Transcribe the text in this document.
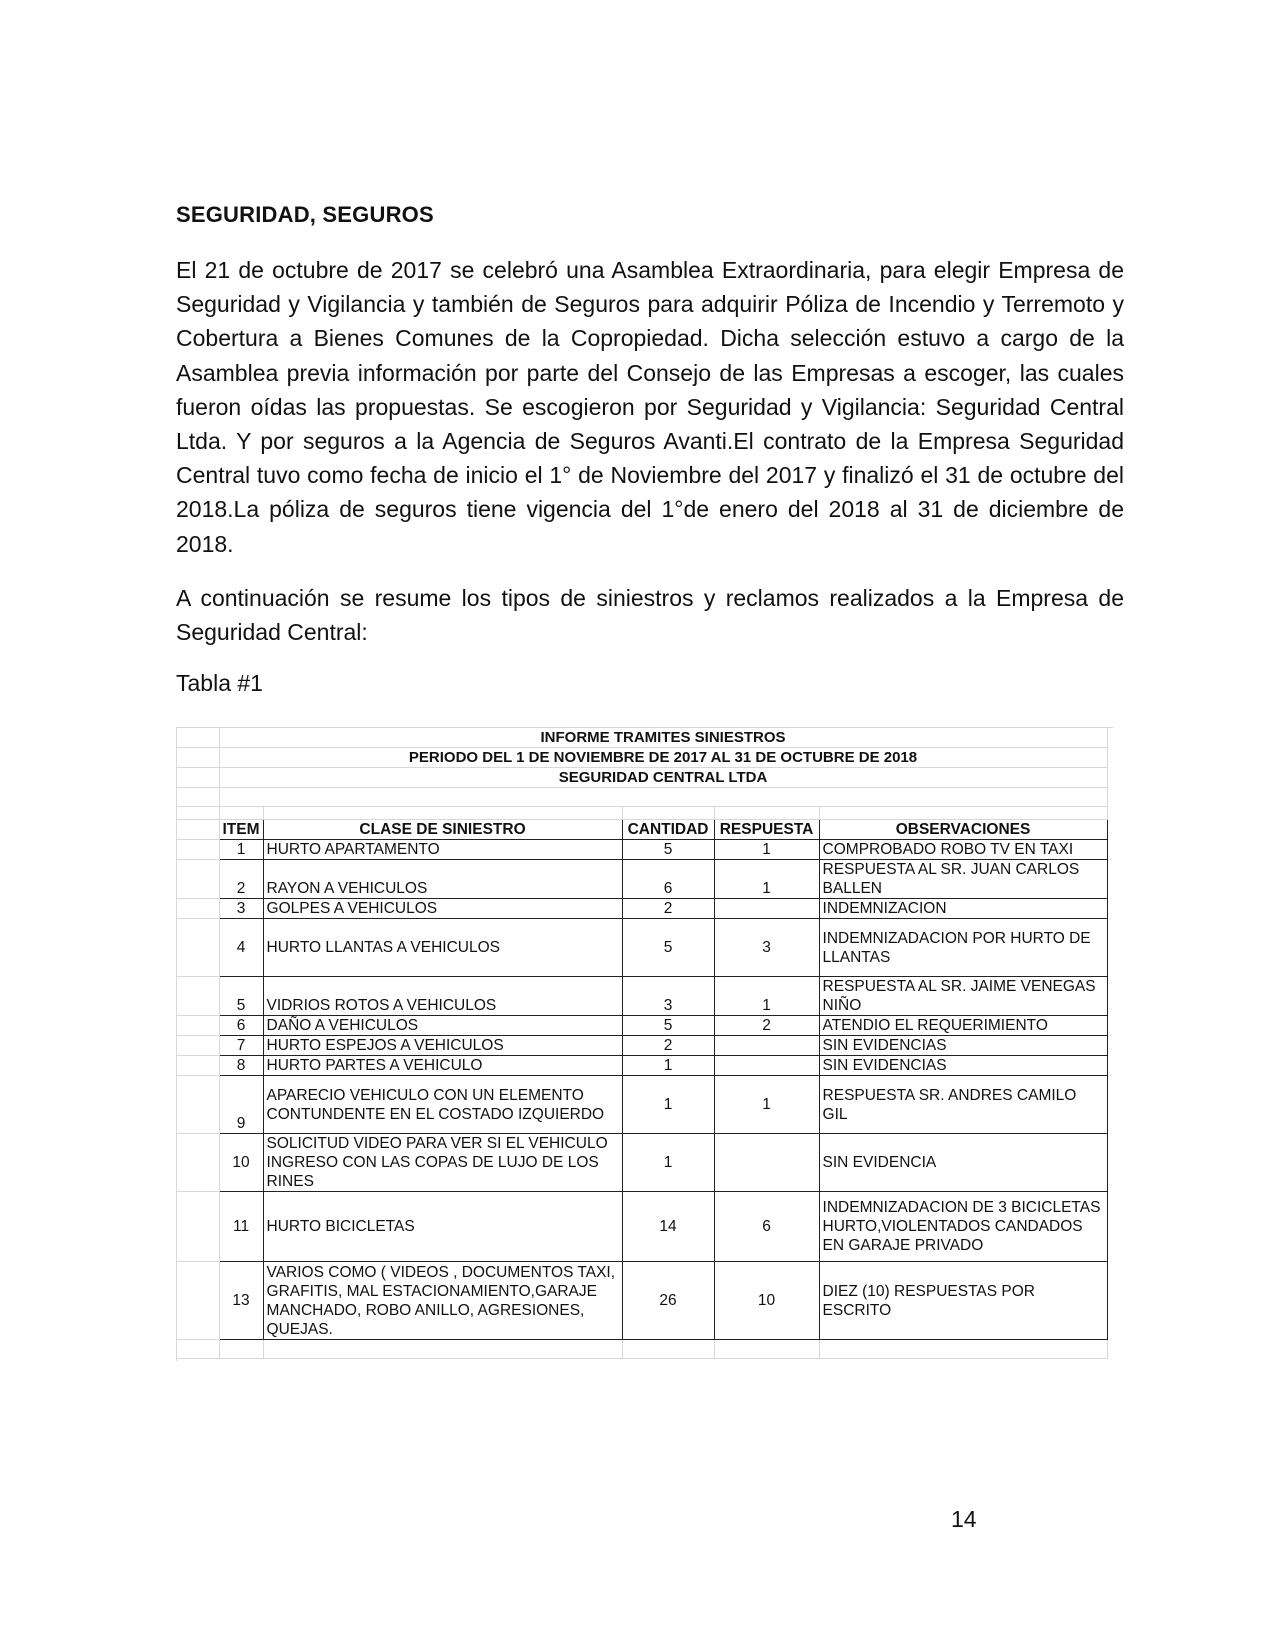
SEGURIDAD, SEGUROS
El 21 de octubre de 2017 se celebró una Asamblea Extraordinaria, para elegir Empresa de Seguridad y Vigilancia y también de Seguros para adquirir Póliza de Incendio y Terremoto y Cobertura a Bienes Comunes de la Copropiedad. Dicha selección estuvo a cargo de la Asamblea previa información por parte del Consejo de las Empresas a escoger, las cuales fueron oídas las propuestas. Se escogieron por Seguridad y Vigilancia: Seguridad Central Ltda. Y por seguros a la Agencia de Seguros Avanti.El contrato de la Empresa Seguridad Central tuvo como fecha de inicio el 1° de Noviembre del 2017 y finalizó el 31 de octubre del 2018.La póliza de seguros tiene vigencia del 1°de enero del 2018 al 31 de diciembre de 2018.
A continuación se resume los tipos de siniestros y reclamos realizados a la Empresa de Seguridad Central:
Tabla #1
	INFORME TRAMITES SINIESTROS				
	PERIODO DEL 1 DE NOVIEMBRE DE 2017 AL 31 DE OCTUBRE DE 2018				
	SEGURIDAD CENTRAL LTDA				

	ITEM	CLASE DE SINIESTRO	CANTIDAD	RESPUESTA	OBSERVACIONES
	1	HURTO APARTAMENTO	5	1	COMPROBADO ROBO TV EN TAXI
	2	RAYON A VEHICULOS	6	1	RESPUESTA AL SR. JUAN CARLOS BALLEN
	3	GOLPES A VEHICULOS	2		INDEMNIZACION
	4	HURTO LLANTAS A VEHICULOS	5	3	INDEMNIZADACION POR HURTO DE LLANTAS
	5	VIDRIOS ROTOS A VEHICULOS	3	1	RESPUESTA AL SR. JAIME VENEGAS NIÑO
	6	DAÑO A VEHICULOS	5	2	ATENDIO EL REQUERIMIENTO
	7	HURTO ESPEJOS A VEHICULOS	2		SIN EVIDENCIAS
	8	HURTO PARTES A VEHICULO	1		SIN EVIDENCIAS
	9	APARECIO VEHICULO CON UN ELEMENTO CONTUNDENTE EN EL COSTADO IZQUIERDO	1	1	RESPUESTA SR. ANDRES CAMILO GIL
	10	SOLICITUD VIDEO PARA VER SI EL VEHICULO INGRESO CON LAS COPAS DE LUJO DE LOS RINES	1		SIN EVIDENCIA
	11	HURTO BICICLETAS	14	6	INDEMNIZADACION DE 3 BICICLETAS HURTO,VIOLENTADOS CANDADOS EN GARAJE PRIVADO
	13	VARIOS COMO ( VIDEOS , DOCUMENTOS TAXI, GRAFITIS, MAL ESTACIONAMIENTO,GARAJE MANCHADO, ROBO ANILLO, AGRESIONES, QUEJAS.	26	10	DIEZ (10) RESPUESTAS POR ESCRITO

14
